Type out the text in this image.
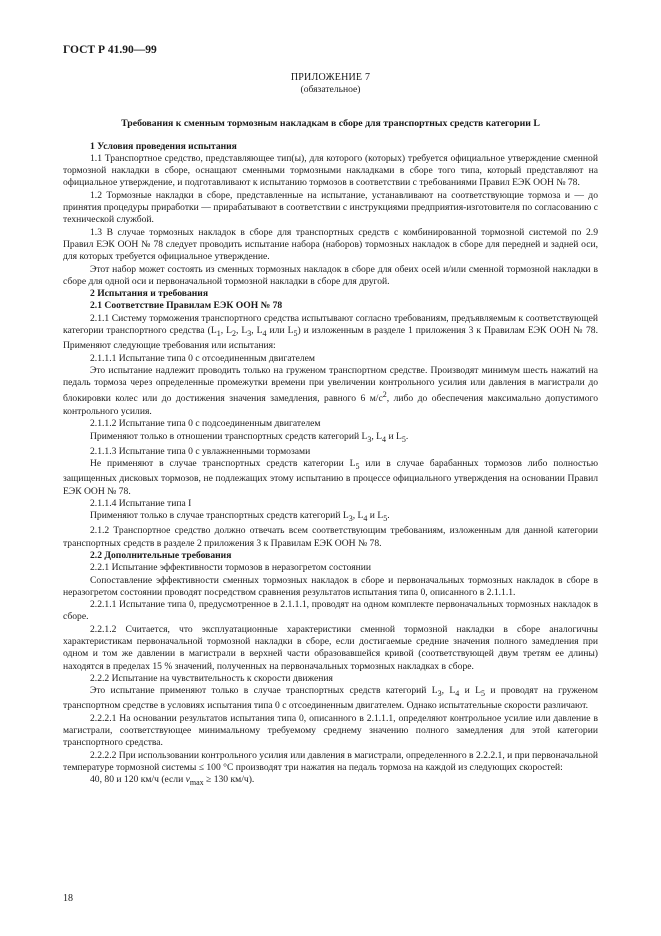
ГОСТ Р 41.90—99
ПРИЛОЖЕНИЕ 7
(обязательное)
Требования к сменным тормозным накладкам в сборе для транспортных средств категории L
1 Условия проведения испытания
1.1 Транспортное средство, представляющее тип(ы), для которого (которых) требуется официальное утверждение сменной тормозной накладки в сборе, оснащают сменными тормозными накладками в сборе того типа, который представляют на официальное утверждение, и подготавливают к испытанию тормозов в соответствии с требованиями Правил ЕЭК ООН № 78.
1.2 Тормозные накладки в сборе, представленные на испытание, устанавливают на соответствующие тормоза и — до принятия процедуры приработки — прирабатывают в соответствии с инструкциями предприятия-изготовителя по согласованию с технической службой.
1.3 В случае тормозных накладок в сборе для транспортных средств с комбинированной тормозной системой по 2.9 Правил ЕЭК ООН № 78 следует проводить испытание набора (наборов) тормозных накладок в сборе для передней и задней оси, для которых требуется официальное утверждение.
Этот набор может состоять из сменных тормозных накладок в сборе для обеих осей и/или сменной тормозной накладки в сборе для одной оси и первоначальной тормозной накладки в сборе для другой.
2 Испытания и требования
2.1 Соответствие Правилам ЕЭК ООН № 78
2.1.1 Систему торможения транспортного средства испытывают согласно требованиям, предъявляемым к соответствующей категории транспортного средства ($L_1$, $L_2$, $L_3$, $L_4$ или $L_5$) и изложенным в разделе 1 приложения 3 к Правилам ЕЭК ООН № 78. Применяют следующие требования или испытания:
2.1.1.1 Испытание типа 0 с отсоединенным двигателем
Это испытание надлежит проводить только на груженом транспортном средстве. Производят минимум шесть нажатий на педаль тормоза через определенные промежутки времени при увеличении контрольного усилия или давления в магистрали до блокировки колес или до достижения значения замедления, равного 6 $м/с^2$, либо до обеспечения максимально допустимого контрольного усилия.
2.1.1.2 Испытание типа 0 с подсоединенным двигателем
Применяют только в отношении транспортных средств категорий $L_3$, $L_4$ и $L_5$.
2.1.1.3 Испытание типа 0 с увлажненными тормозами
Не применяют в случае транспортных средств категории $L_5$ или в случае барабанных тормозов либо полностью защищенных дисковых тормозов, не подлежащих этому испытанию в процессе официального утверждения на основании Правил ЕЭК ООН № 78.
2.1.1.4 Испытание типа I
Применяют только в случае транспортных средств категорий $L_3$, $L_4$ и $L_5$.
2.1.2 Транспортное средство должно отвечать всем соответствующим требованиям, изложенным для данной категории транспортных средств в разделе 2 приложения 3 к Правилам ЕЭК ООН № 78.
2.2 Дополнительные требования
2.2.1 Испытание эффективности тормозов в неразогретом состоянии
Сопоставление эффективности сменных тормозных накладок в сборе и первоначальных тормозных накладок в сборе в неразогретом состоянии проводят посредством сравнения результатов испытания типа 0, описанного в 2.1.1.1.
2.2.1.1 Испытание типа 0, предусмотренное в 2.1.1.1, проводят на одном комплекте первоначальных тормозных накладок в сборе.
2.2.1.2 Считается, что эксплуатационные характеристики сменной тормозной накладки в сборе аналогичны характеристикам первоначальной тормозной накладки в сборе, если достигаемые средние значения полного замедления при одном и том же давлении в магистрали в верхней части образовавшейся кривой (соответствующей двум третям ее длины) находятся в пределах 15 % значений, полученных на первоначальных тормозных накладках в сборе.
2.2.2 Испытание на чувствительность к скорости движения
Это испытание применяют только в случае транспортных средств категорий $L_3$, $L_4$ и $L_5$ и проводят на груженом транспортном средстве в условиях испытания типа 0 с отсоединенным двигателем. Однако испытательные скорости различают.
2.2.2.1 На основании результатов испытания типа 0, описанного в 2.1.1.1, определяют контрольное усилие или давление в магистрали, соответствующее минимальному требуемому среднему значению полного замедления для этой категории транспортного средства.
2.2.2.2 При использовании контрольного усилия или давления в магистрали, определенного в 2.2.2.1, и при первоначальной температуре тормозной системы ≤ 100 °С производят три нажатия на педаль тормоза на каждой из следующих скоростей:
40, 80 и 120 км/ч (если $v_{max} \ge 130$ км/ч).
18
